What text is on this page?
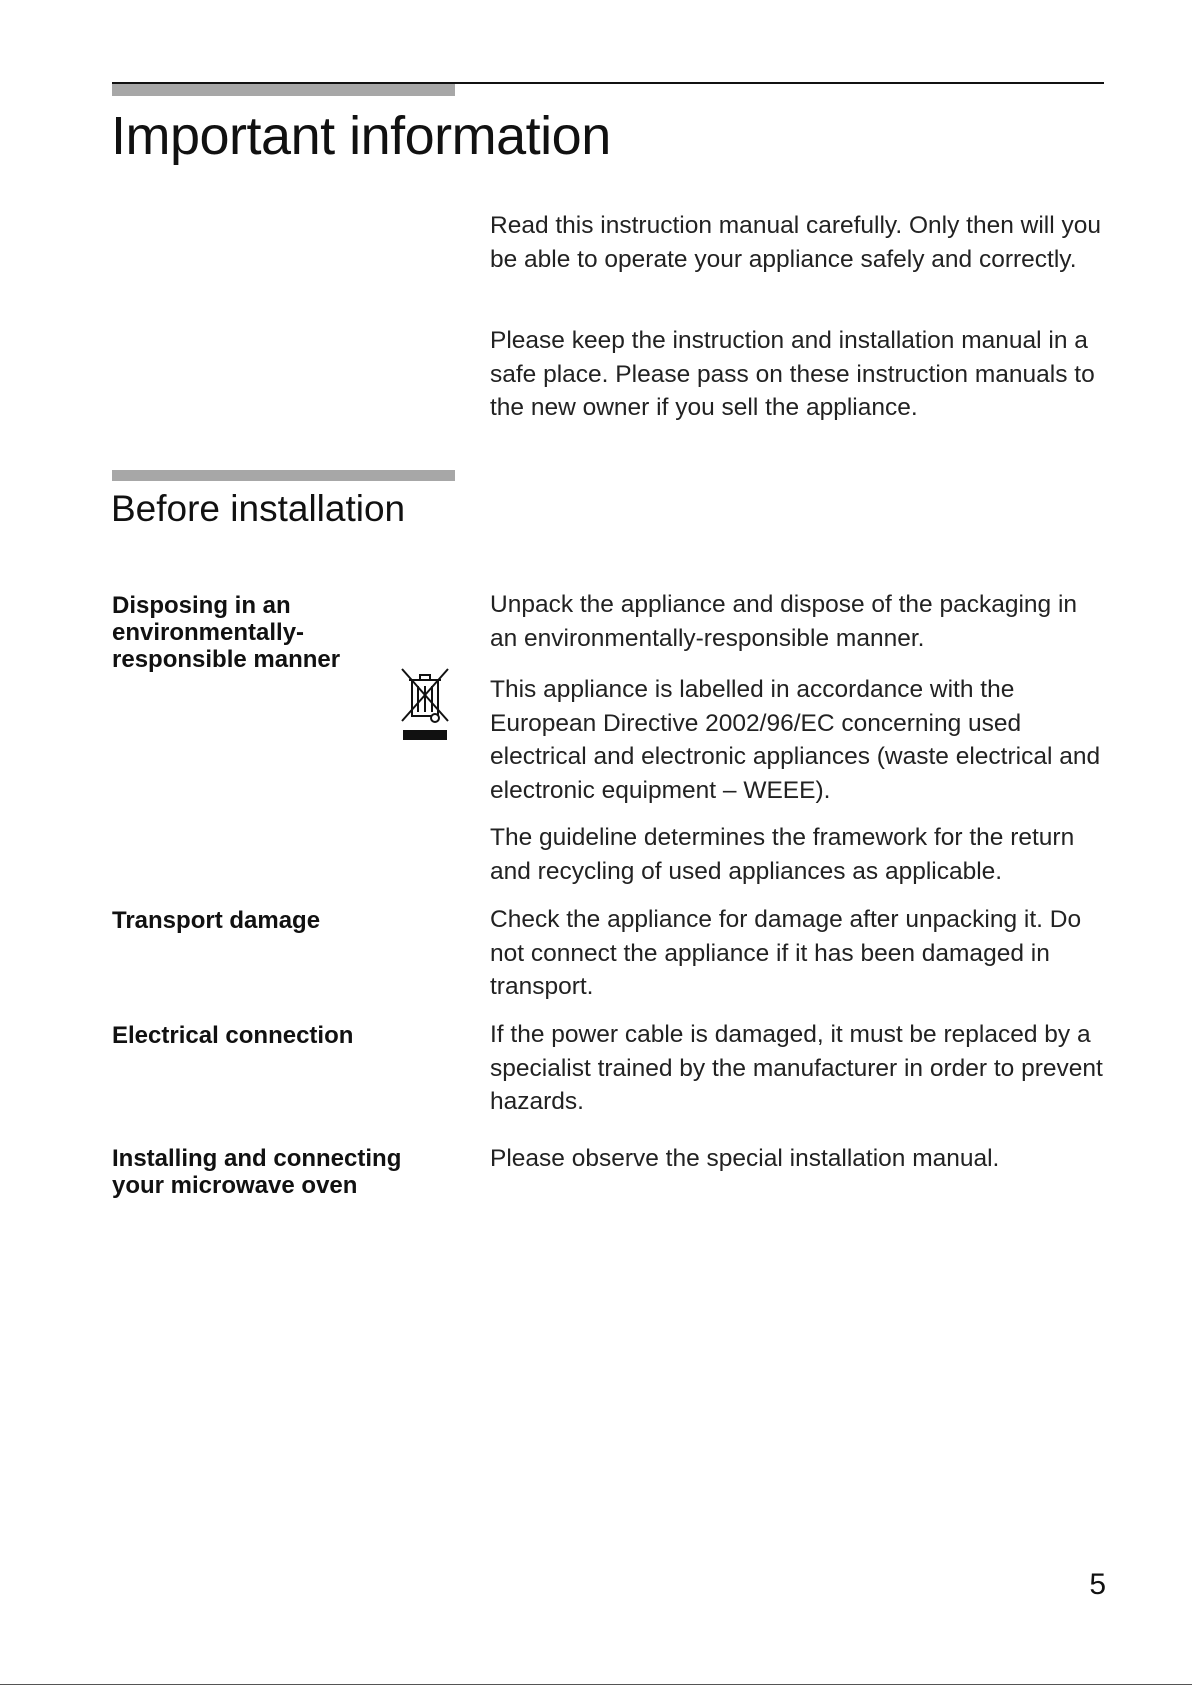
Important information

Read this instruction manual carefully. Only then will you be able to operate your appliance safely and correctly.

Please keep the instruction and installation manual in a safe place. Please pass on these instruction manuals to the new owner if you sell the appliance.

Before installation

Disposing in an environmentally-responsible manner

Unpack the appliance and dispose of the packaging in an environmentally-responsible manner.

This appliance is labelled in accordance with the European Directive 2002/96/EC concerning used electrical and electronic appliances (waste electrical and electronic equipment – WEEE).

The guideline determines the framework for the return and recycling of used appliances as applicable.

Transport damage	Check the appliance for damage after unpacking it. Do not connect the appliance if it has been damaged in transport.

Electrical connection	If the power cable is damaged, it must be replaced by a specialist trained by the manufacturer in order to prevent hazards.

Installing and connecting your microwave oven

Please observe the special installation manual.

5
